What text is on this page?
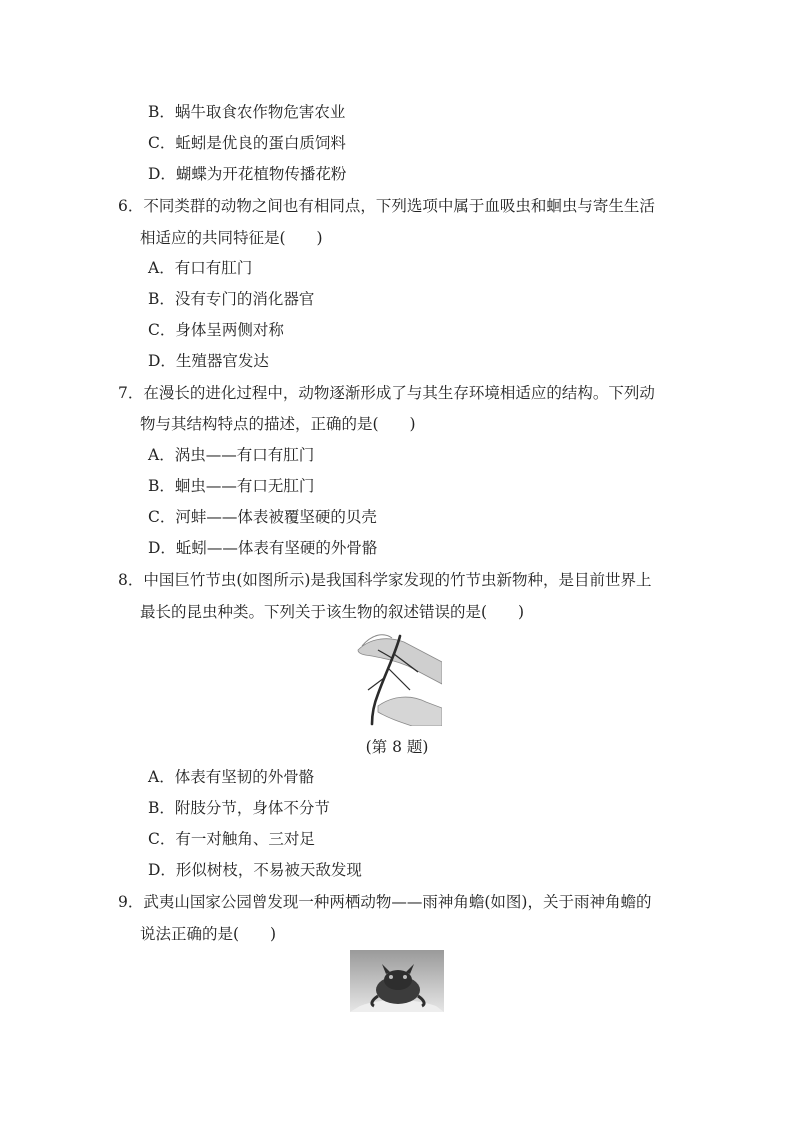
B．蜗牛取食农作物危害农业
C．蚯蚓是优良的蛋白质饲料
D．蝴蝶为开花植物传播花粉
6．不同类群的动物之间也有相同点，下列选项中属于血吸虫和蛔虫与寄生生活
相适应的共同特征是(　　)
A．有口有肛门
B．没有专门的消化器官
C．身体呈两侧对称
D．生殖器官发达
7．在漫长的进化过程中，动物逐渐形成了与其生存环境相适应的结构。下列动
物与其结构特点的描述，正确的是(　　)
A．涡虫——有口有肛门
B．蛔虫——有口无肛门
C．河蚌——体表被覆坚硬的贝壳
D．蚯蚓——体表有坚硬的外骨骼
8．中国巨竹节虫(如图所示)是我国科学家发现的竹节虫新物种，是目前世界上
最长的昆虫种类。下列关于该生物的叙述错误的是(　　)
(第 8 题)
A．体表有坚韧的外骨骼
B．附肢分节，身体不分节
C．有一对触角、三对足
D．形似树枝，不易被天敌发现
9．武夷山国家公园曾发现一种两栖动物——雨神角蟾(如图)，关于雨神角蟾的
说法正确的是(　　)
